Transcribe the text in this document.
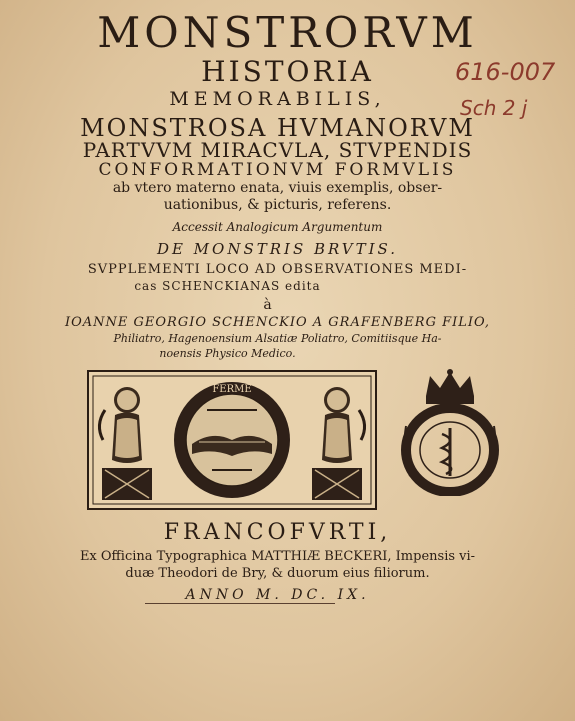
MONSTRORVM
HISTORIA
MEMORABILIS,
MONSTROSA HVMANORVM
PARTVVM MIRACVLA, STVPENDIS
CONFORMATIONVM FORMVLIS
ab vtero materno enata, viuis exemplis, obser-
uationibus, & picturis, referens.
Accessit Analogicum Argumentum
DE MONSTRIS BRVTIS.
SVPPLEMENTI LOCO AD OBSERVATIONES MEDI-
cas SCHENCKIANAS edita
à
IOANNE GEORGIO SCHENCKIO A GRAFENBERG FILIO,
Philiatro, Hagenoensium Alsatiæ Poliatro, Comitiisque Ha-
noensis Physico Medico.
616-007
Sch 2 j
FERME
FRANCOFVRTI,
Ex Officina Typographica MATTHIÆ BECKERI, Impensis vi-
duæ Theodori de Bry, & duorum eius filiorum.
ANNO M. DC. IX.
